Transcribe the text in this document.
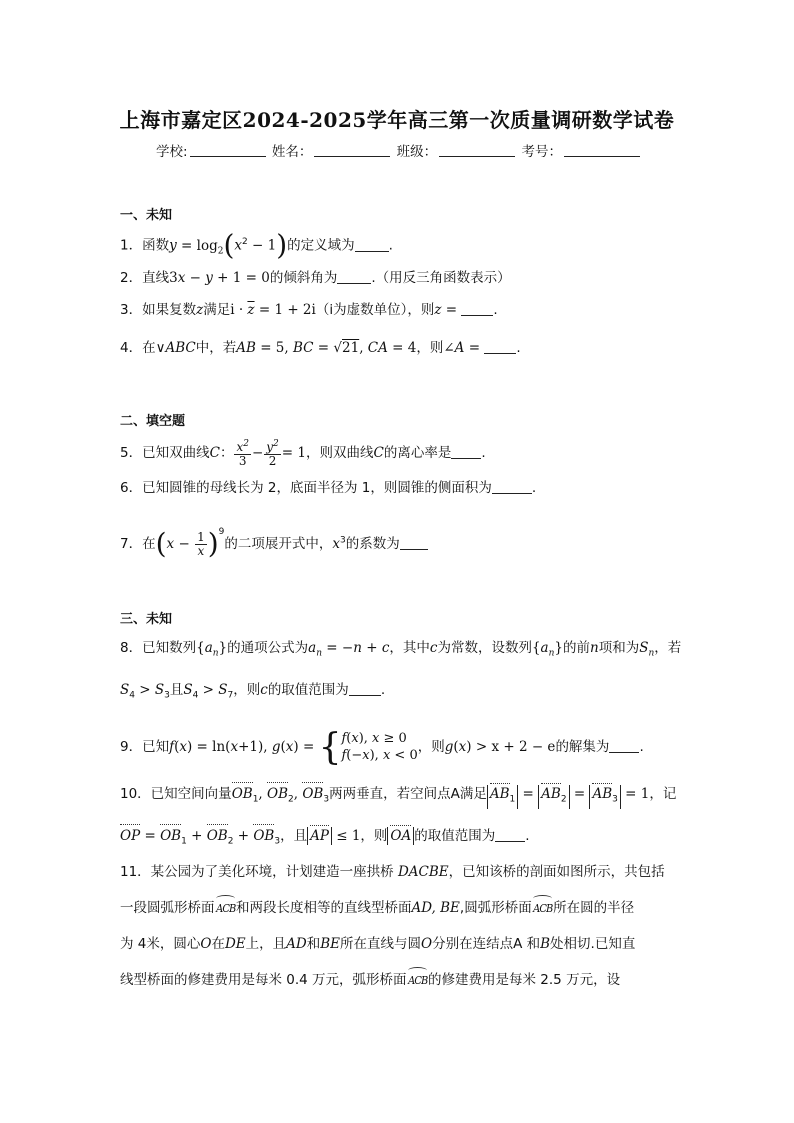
上海市嘉定区2024-2025学年高三第一次质量调研数学试卷
学校:	姓名：	班级：	考号：
一、未知
1．函数$y = \log_2(x^2 - 1)$的定义域为	.
2．直线3x − y + 1 = 0的倾斜角为	.（用反三角函数表示）
3．如果复数z满足$i \cdot \overline{z} = 1 + 2i(i$为虚数单位），则z = .
4．在∨ABC中，若AB = 5, BC = √21, CA = 4，则∠A = .
二、填空题
5．已知双曲线C： $\frac{x^2}{3} - \frac{y^2}{2} = 1$，则双曲线C的离心率是 .
6．已知圆锥的母线长为 2，底面半径为 1，则圆锥的侧面积为	.
7．在$(x - \frac{1}{x} )^9$的二项展开式中，$x^3$的系数为
三、未知
8．已知数列$\{a_n\}$的通项公式为$a_n = -n + c$，其中c为常数，设数列$\{a_n\}$的前n项和为$S_n$，若
$S_4 > S_3$且$S_4 > S_7$，则c的取值范围为 .
9．已知f(x) = ln(x+1), g(x) = { f(x), x ≥ 0
f(−x), x < 0
，则g(x) > x + 2 − e的解集为 .
10．已知空间向量$OB_1$, $OB_2$, $OB_3$两两垂直，若空间点A满足 $AB_1 = AB_2 = AB_3 = 1$，记
OP = $OB_1 + OB_2 + OB_3$，且 AP ≤ 1，则 OA 的取值范围为 .
11．某公园为了美化环境，计划建造一座拱桥 DACBE，已知该桥的剖面如图所示，共包括
一段圆弧形桥面ACB和两段长度相等的直线型桥面AD, BE,圆弧形桥面ACB所在圆的半径
为 4米，圆心O在DE上，且AD和BE所在直线与圆O分别在连结点A 和B处相切.已知直
线型桥面的修建费用是每米 0.4 万元，弧形桥面ACB的修建费用是每米 2.5 万元，设
